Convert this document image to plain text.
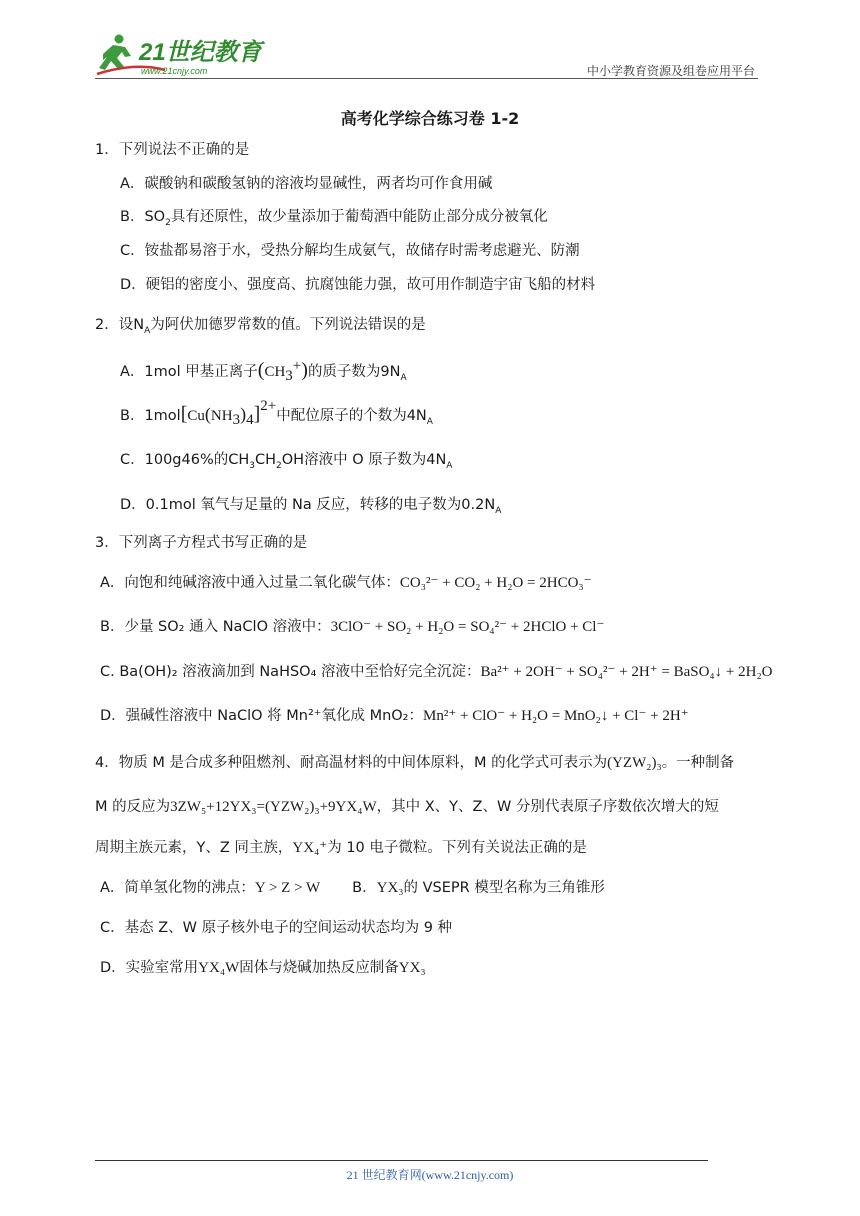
21世纪教育
www.21cnjy.com	中小学教育资源及组卷应用平台
高考化学综合练习卷 1-2
1．下列说法不正确的是
A．碳酸钠和碳酸氢钠的溶液均显碱性，两者均可作食用碱
B．$SO_2$具有还原性，故少量添加于葡萄酒中能防止部分成分被氧化
C．铵盐都易溶于水，受热分解均生成氨气，故储存时需考虑避光、防潮
D．硬铝的密度小、强度高、抗腐蚀能力强，故可用作制造宇宙飞船的材料
2．设$N_A$为阿伏加德罗常数的值。下列说法错误的是
A．1mol 甲基正离子$(CH_3^+)$的质子数为$9N_A$
B．$1mol[Cu(NH_3)_4]^{2+}$中配位原子的个数为$4N_A$
C．100g46%的$CH_3CH_2OH$溶液中 O 原子数为$4N_A$
D．0.1mol 氧气与足量的 Na 反应，转移的电子数为$0.2N_A$
3．下列离子方程式书写正确的是
A．向饱和纯碱溶液中通入过量二氧化碳气体：CO₃²⁻ + CO₂ + H₂O = 2HCO₃⁻
B．少量 SO₂ 通入 NaClO 溶液中：3ClO⁻ + SO₂ + H₂O = SO₄²⁻ + 2HClO + Cl⁻
C. Ba(OH)₂ 溶液滴加到 NaHSO₄ 溶液中至恰好完全沉淀：Ba²⁺ + 2OH⁻ + SO₄²⁻ + 2H⁺ = BaSO₄↓ + 2H₂O
D．强碱性溶液中 NaClO 将 Mn²⁺氧化成 MnO₂：Mn²⁺ + ClO⁻ + H₂O = MnO₂↓ + Cl⁻ + 2H⁺
4．物质 M 是合成多种阻燃剂、耐高温材料的中间体原料，M 的化学式可表示为(YZW₂)₃。一种制备
M 的反应为3ZW₅+12YX₃=(YZW₂)₃+9YX₄W，其中 X、Y、Z、W 分别代表原子序数依次增大的短
周期主族元素，Y、Z 同主族，YX₄⁺为 10 电子微粒。下列有关说法正确的是
A．简单氢化物的沸点：Y > Z > W B．YX₃的 VSEPR 模型名称为三角锥形
C．基态 Z、W 原子核外电子的空间运动状态均为 9 种
D．实验室常用YX₄W固体与烧碱加热反应制备YX₃
21 世纪教育网(www.21cnjy.com)
